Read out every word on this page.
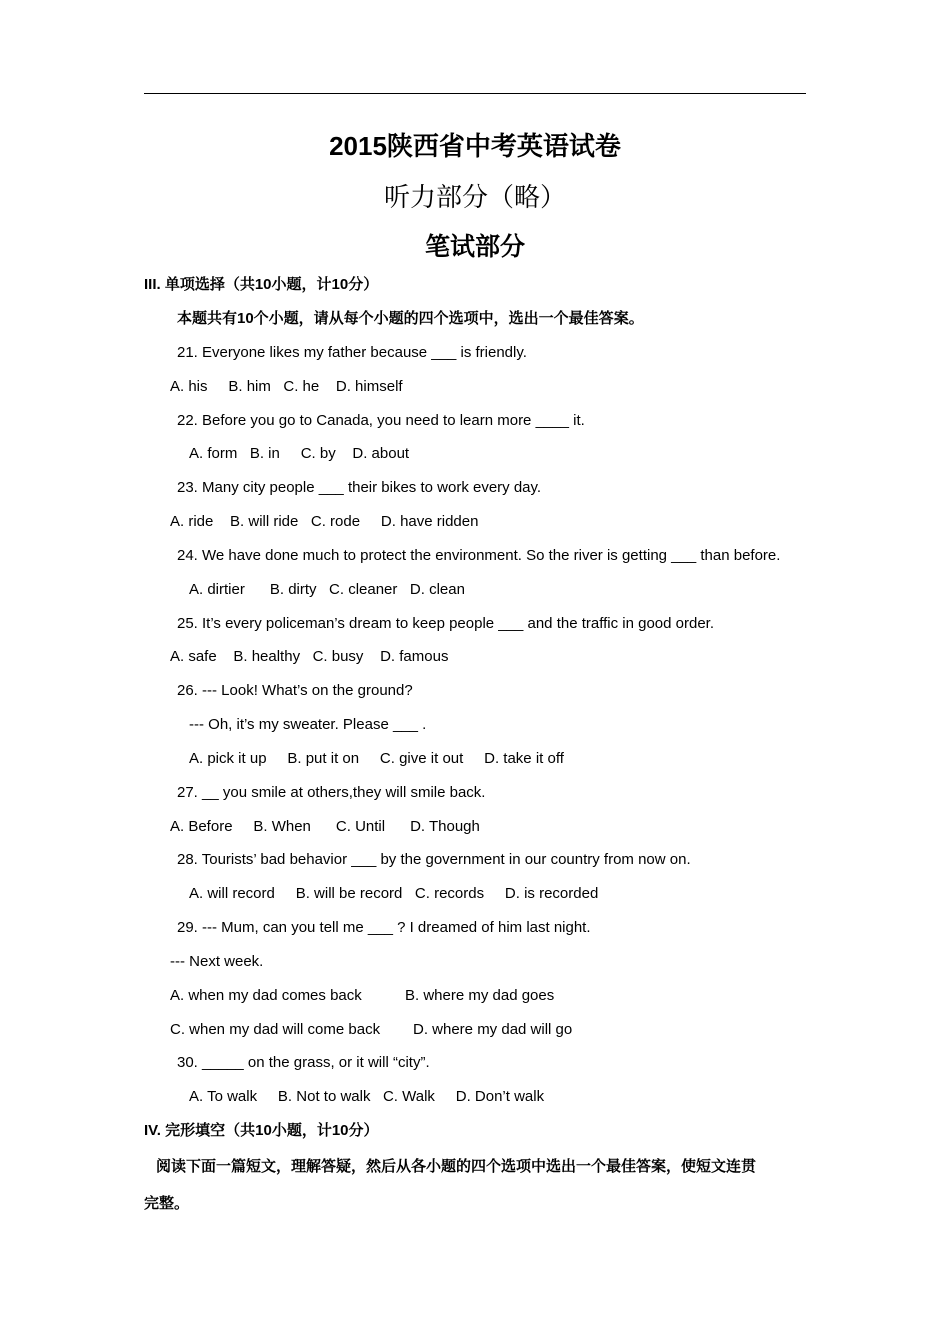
2015陕西省中考英语试卷
听力部分（略）
笔试部分
III. 单项选择（共10小题，计10分）
本题共有10个小题，请从每个小题的四个选项中，选出一个最佳答案。
21. Everyone likes my father because ___ is friendly.
A. his     B. him   C. he    D. himself
22. Before you go to Canada, you need to learn more ____ it.
A. form   B. in     C. by    D. about
23. Many city people ___ their bikes to work every day.
A. ride    B. will ride   C. rode     D. have ridden
24. We have done much to protect the environment. So the river is getting ___ than before.
A. dirtier      B. dirty   C. cleaner   D. clean
25. It’s every policeman’s dream to keep people ___ and the traffic in good order.
A. safe    B. healthy   C. busy    D. famous
26. --- Look! What’s on the ground?
--- Oh, it’s my sweater. Please ___ .
A. pick it up     B. put it on     C. give it out     D. take it off
27. __ you smile at others,they will smile back.
A. Before     B. When      C. Until      D. Though
28. Tourists’ bad behavior ___ by the government in our country from now on.
A. will record     B. will be record   C. records     D. is recorded
29. --- Mum, can you tell me ___ ? I dreamed of him last night.
--- Next week.
A. when my dad comes back	B. where my dad goes
C. when my dad will come back D. where my dad will go
30. _____ on the grass, or it will “city”.
A. To walk     B. Not to walk   C. Walk     D. Don’t walk
IV. 完形填空（共10小题，计10分）
阅读下面一篇短文，理解答疑，然后从各小题的四个选项中选出一个最佳答案，使短文连贯
完整。
